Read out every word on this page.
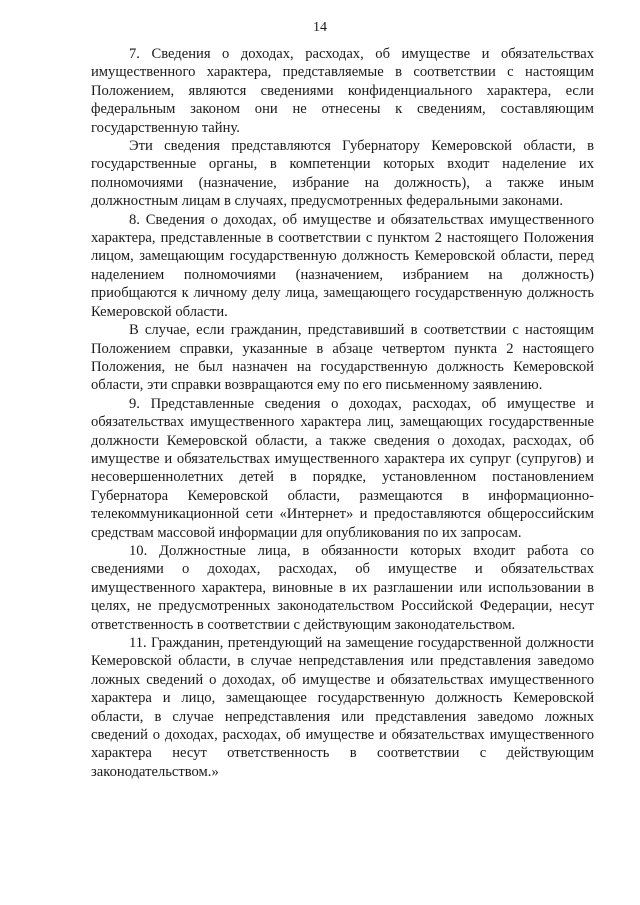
14

7. Сведения о доходах, расходах, об имуществе и обязательствах имущественного характера, представляемые в соответствии с настоящим Положением, являются сведениями конфиденциального характера, если федеральным законом они не отнесены к сведениям, составляющим государственную тайну.

Эти сведения представляются Губернатору Кемеровской области, в государственные органы, в компетенции которых входит наделение их полномочиями (назначение, избрание на должность), а также иным должностным лицам в случаях, предусмотренных федеральными законами.

8. Сведения о доходах, об имуществе и обязательствах имущественного характера, представленные в соответствии с пунктом 2 настоящего Положения лицом, замещающим государственную должность Кемеровской области, перед наделением полномочиями (назначением, избранием на должность) приобщаются к личному делу лица, замещающего государственную должность Кемеровской области.

В случае, если гражданин, представивший в соответствии с настоящим Положением справки, указанные в абзаце четвертом пункта 2 настоящего Положения, не был назначен на государственную должность Кемеровской области, эти справки возвращаются ему по его письменному заявлению.

9. Представленные сведения о доходах, расходах, об имуществе и обязательствах имущественного характера лиц, замещающих государственные должности Кемеровской области, а также сведения о доходах, расходах, об имуществе и обязательствах имущественного характера их супруг (супругов) и несовершеннолетних детей в порядке, установленном постановлением Губернатора Кемеровской области, размещаются в информационно-телекоммуникационной сети «Интернет» и предоставляются общероссийским средствам массовой информации для опубликования по их запросам.

10. Должностные лица, в обязанности которых входит работа со сведениями о доходах, расходах, об имуществе и обязательствах имущественного характера, виновные в их разглашении или использовании в целях, не предусмотренных законодательством Российской Федерации, несут ответственность в соответствии с действующим законодательством.

11. Гражданин, претендующий на замещение государственной должности Кемеровской области, в случае непредставления или представления заведомо ложных сведений о доходах, об имуществе и обязательствах имущественного характера и лицо, замещающее государственную должность Кемеровской области, в случае непредставления или представления заведомо ложных сведений о доходах, расходах, об имуществе и обязательствах имущественного характера несут ответственность в соответствии с действующим законодательством.»
